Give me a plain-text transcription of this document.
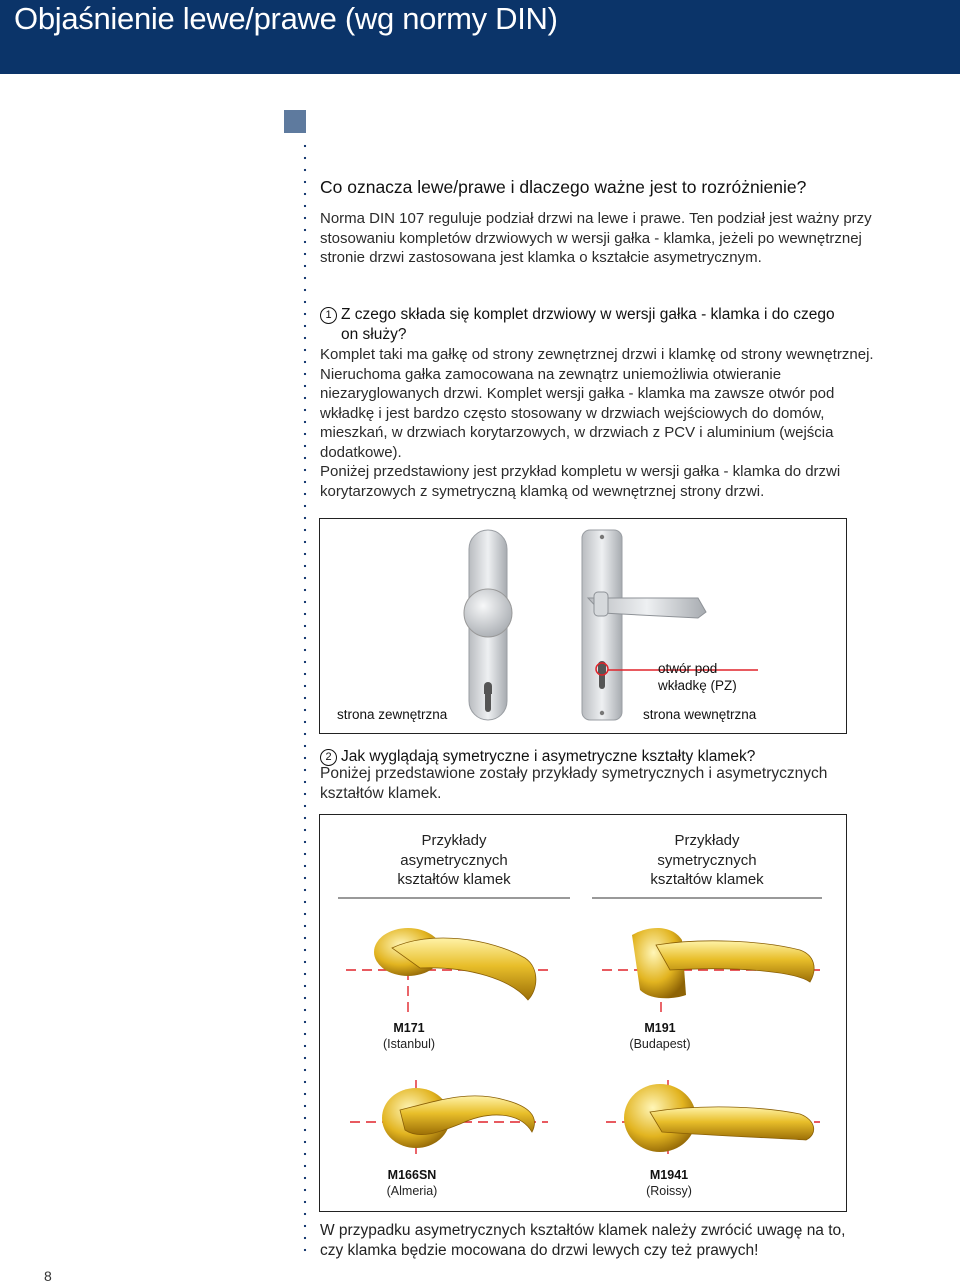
Objaśnienie lewe/prawe (wg normy DIN)
Co oznacza lewe/prawe i dlaczego ważne jest to rozróżnienie?
Norma DIN 107 reguluje podział drzwi na lewe i prawe. Ten podział jest ważny przy
stosowaniu kompletów drzwiowych w wersji gałka - klamka, jeżeli po wewnętrznej
stronie drzwi zastosowana jest klamka o kształcie asymetrycznym.
1 Z czego składa się komplet drzwiowy w wersji gałka - klamka i do czego
on służy?
Komplet taki ma gałkę od strony zewnętrznej drzwi i klamkę od strony wewnętrznej.
Nieruchoma gałka zamocowana na zewnątrz uniemożliwia otwieranie
niezaryglowanych drzwi. Komplet wersji gałka - klamka ma zawsze otwór pod
wkładkę i jest bardzo często stosowany w drzwiach wejściowych do domów,
mieszkań, w drzwiach korytarzowych, w drzwiach z PCV i aluminium (wejścia
dodatkowe).
Poniżej przedstawiony jest przykład kompletu w wersji gałka - klamka do drzwi
korytarzowych z symetryczną klamką od wewnętrznej strony drzwi.
otwór pod
wkładkę (PZ)
strona zewnętrzna	strona wewnętrzna
2 Jak wyglądają symetryczne i asymetryczne kształty klamek?
Poniżej przedstawione zostały przykłady symetrycznych i asymetrycznych
kształtów klamek.
Przykłady
asymetrycznych
kształtów klamek
Przykłady
symetrycznych
kształtów klamek
M171
(Istanbul)
M191
(Budapest)
M166SN
(Almeria)
M1941
(Roissy)
W przypadku asymetrycznych kształtów klamek należy zwrócić uwagę na to,
czy klamka będzie mocowana do drzwi lewych czy też prawych!
8
